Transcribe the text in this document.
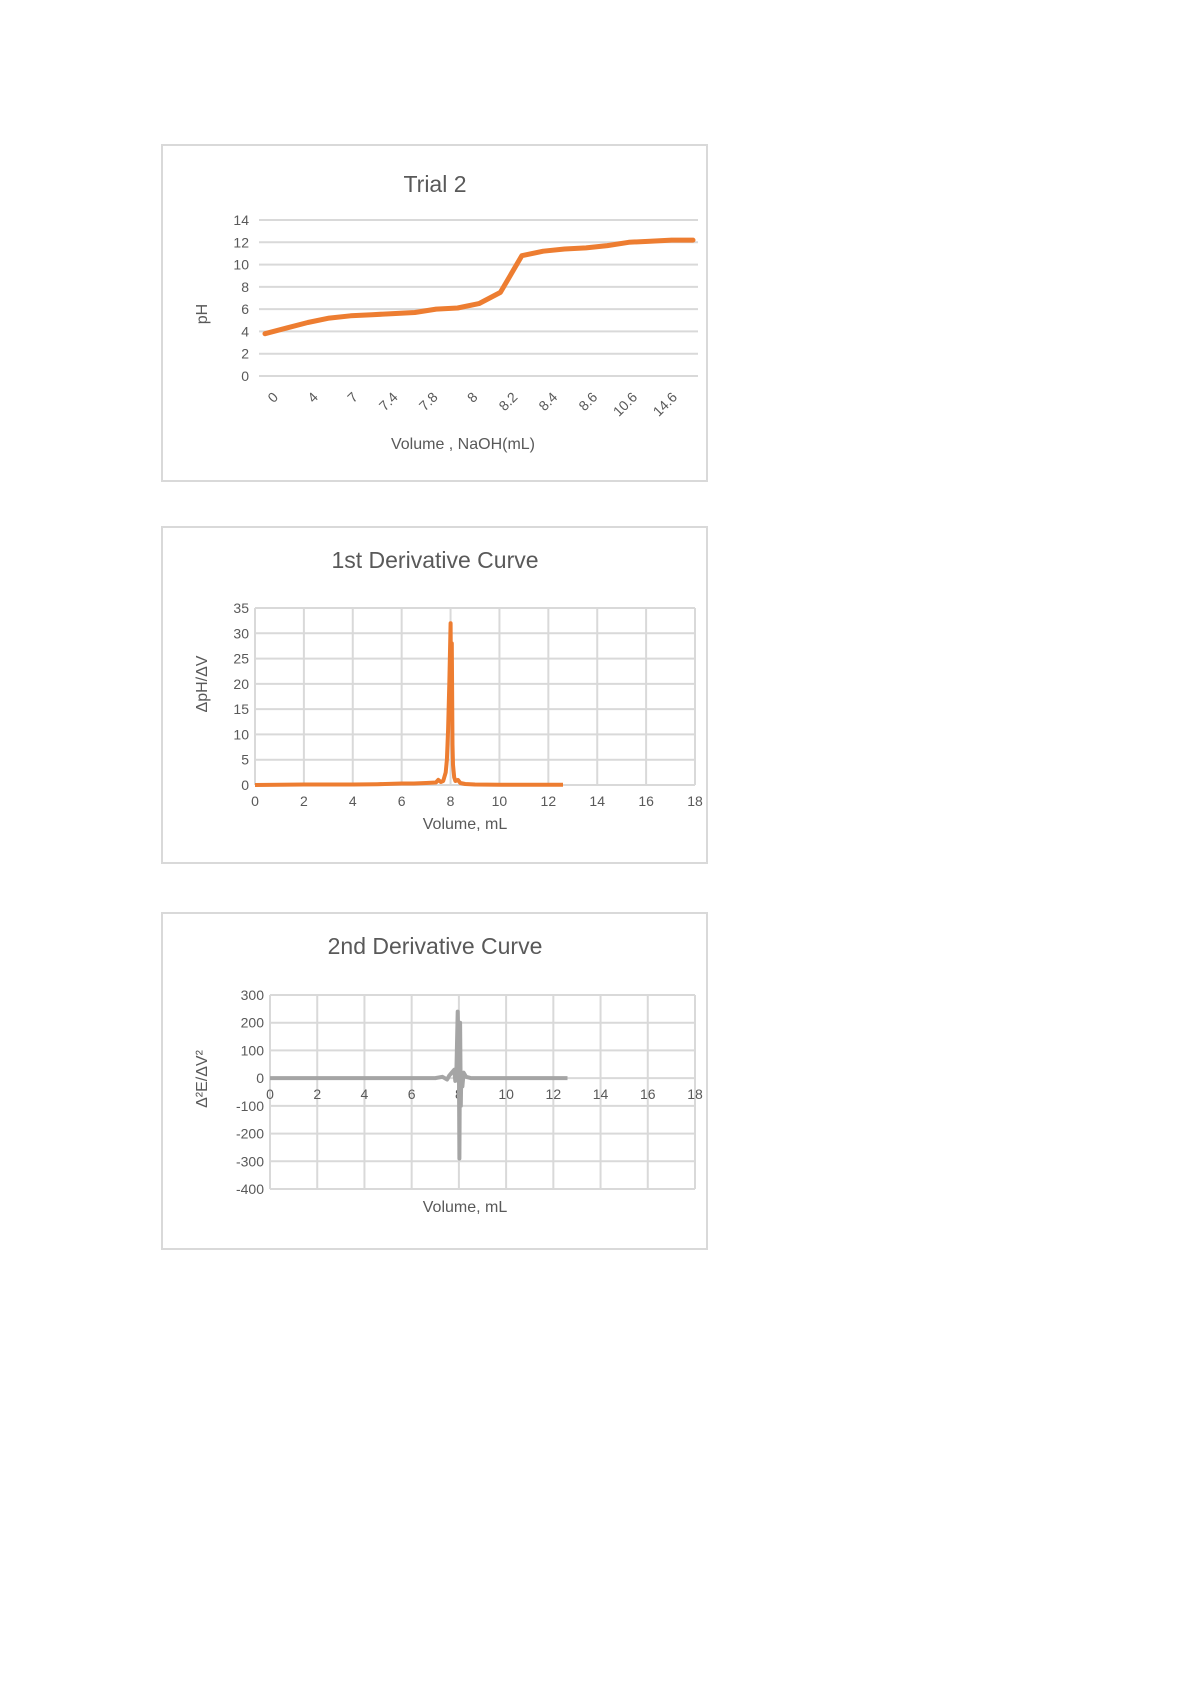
Trial 2
Volume , NaOH(mL)
pH
0
2
4
6
8
10
12
14
0 4 7 7.4 7.8 8 8.2 8.4 8.6 10.6 14.6
1st Derivative Curve
Volume, mL
ΔpH/ΔV
0
5
10
15
20
25
30
35
0	2	4	6	8	10 12 14 16 18
2nd Derivative Curve
Volume, mL
Δ²E/ΔV²
300
200
100
0
-100
-200
-300
-400
0	2	4	6	8	10 12 14 16 18
